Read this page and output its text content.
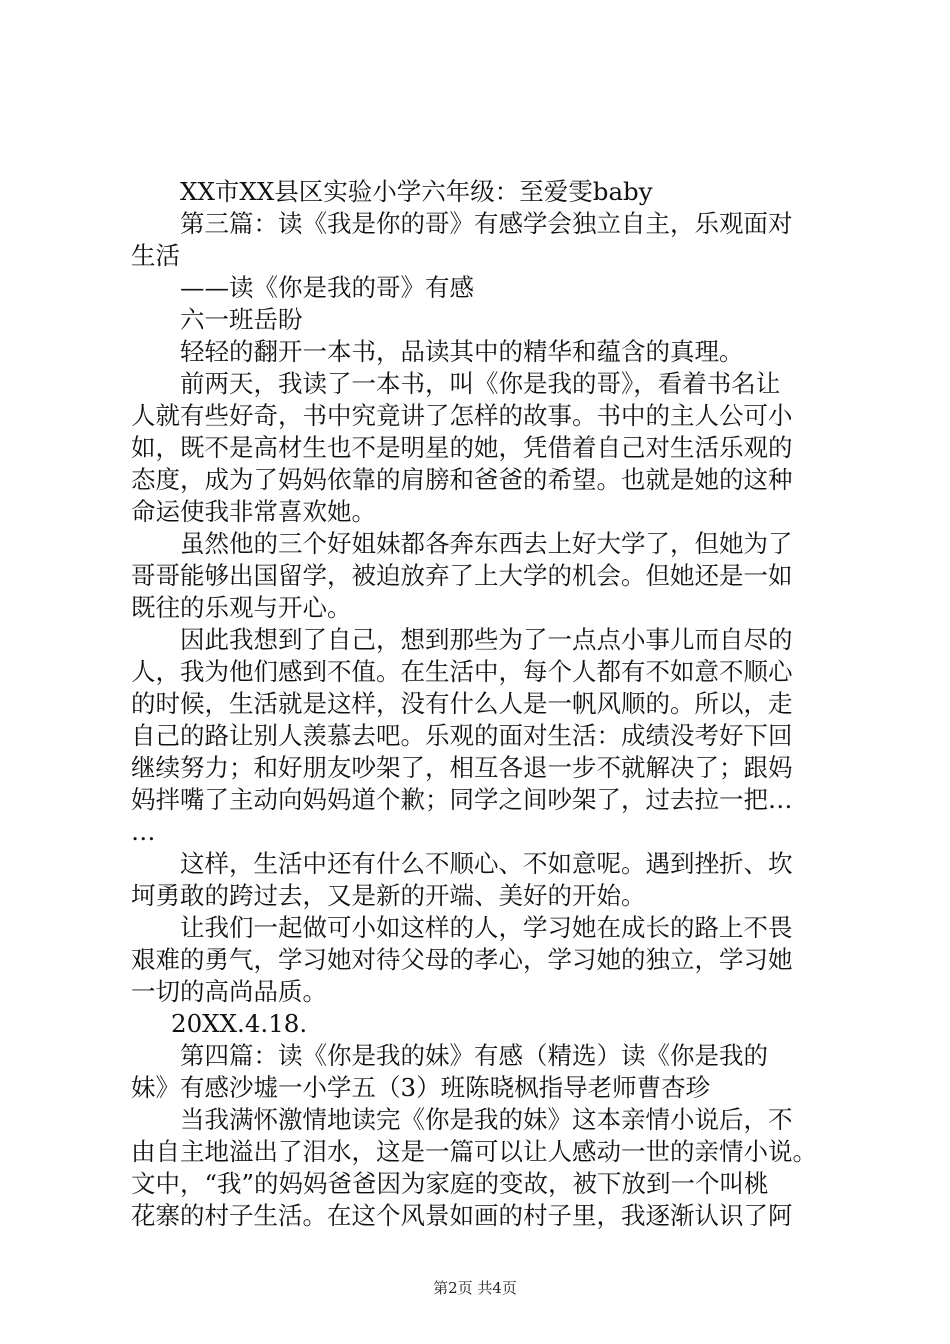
XX市XX县区实验小学六年级：至爱雯baby
第三篇：读《我是你的哥》有感学会独立自主，乐观面对
生活
——读《你是我的哥》有感
六一班岳盼
轻轻的翻开一本书，品读其中的精华和蕴含的真理。
前两天，我读了一本书，叫《你是我的哥》，看着书名让
人就有些好奇，书中究竟讲了怎样的故事。书中的主人公可小
如，既不是高材生也不是明星的她，凭借着自己对生活乐观的
态度，成为了妈妈依靠的肩膀和爸爸的希望。也就是她的这种
命运使我非常喜欢她。
虽然他的三个好姐妹都各奔东西去上好大学了，但她为了
哥哥能够出国留学，被迫放弃了上大学的机会。但她还是一如
既往的乐观与开心。
因此我想到了自己，想到那些为了一点点小事儿而自尽的
人，我为他们感到不值。在生活中，每个人都有不如意不顺心
的时候，生活就是这样，没有什么人是一帆风顺的。所以，走
自己的路让别人羡慕去吧。乐观的面对生活：成绩没考好下回
继续努力；和好朋友吵架了，相互各退一步不就解决了；跟妈
妈拌嘴了主动向妈妈道个歉；同学之间吵架了，过去拉一把…
…
这样，生活中还有什么不顺心、不如意呢。遇到挫折、坎
坷勇敢的跨过去，又是新的开端、美好的开始。
让我们一起做可小如这样的人，学习她在成长的路上不畏
艰难的勇气，学习她对待父母的孝心，学习她的独立，学习她
一切的高尚品质。
20XX.4.18.
第四篇：读《你是我的妹》有感（精选）读《你是我的
妹》有感沙墟一小学五（3）班陈晓枫指导老师曹杏珍
当我满怀激情地读完《你是我的妹》这本亲情小说后，不
由自主地溢出了泪水，这是一篇可以让人感动一世的亲情小说。
文中，“我”的妈妈爸爸因为家庭的变故，被下放到一个叫桃
花寨的村子生活。在这个风景如画的村子里，我逐渐认识了阿
第2页 共4页
